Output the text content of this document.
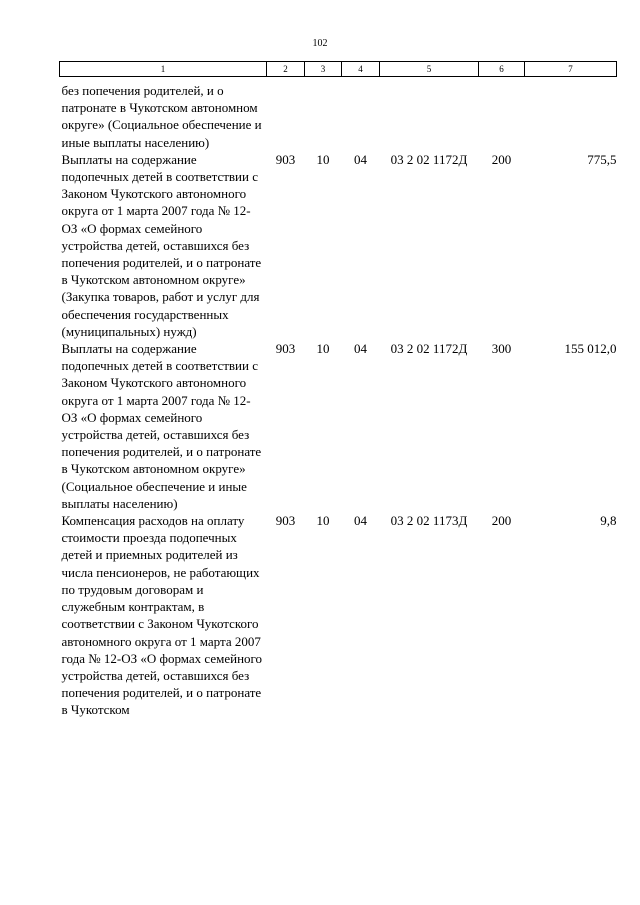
102
1	2	3	4	5	6	7
без попечения родителей, и о патронате в Чукотском автономном округе» (Социальное обеспечение и иные выплаты населению)						
Выплаты на содержание подопечных детей в соответствии с Законом Чукотского автономного округа от 1 марта 2007 года № 12-ОЗ «О формах семейного устройства детей, оставшихся без попечения родителей, и о патронате в Чукотском автономном округе» (Закупка товаров, работ и услуг для обеспечения государственных (муниципальных) нужд)	903	10	04	03 2 02 1172Д	200	775,5
Выплаты на содержание подопечных детей в соответствии с Законом Чукотского автономного округа от 1 марта 2007 года № 12-ОЗ «О формах семейного устройства детей, оставшихся без попечения родителей, и о патронате в Чукотском автономном округе» (Социальное обеспечение и иные выплаты населению)	903	10	04	03 2 02 1172Д	300	155 012,0
Компенсация расходов на оплату стоимости проезда подопечных детей и приемных родителей из числа пенсионеров, не работающих по трудовым договорам и служебным контрактам, в соответствии с Законом Чукотского автономного округа от 1 марта 2007 года № 12-ОЗ «О формах семейного устройства детей, оставшихся без попечения родителей, и о патронате в Чукотском	903	10	04	03 2 02 1173Д	200	9,8
